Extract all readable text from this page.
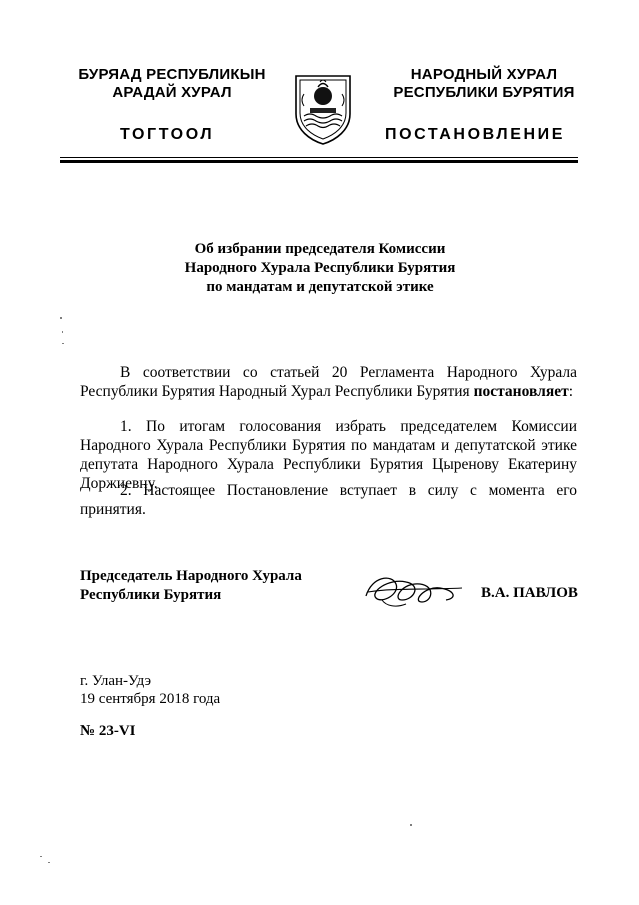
БУРЯАД РЕСПУБЛИКЫН
АРАДАЙ ХУРАЛ
ТОГТООЛ
НАРОДНЫЙ ХУРАЛ
РЕСПУБЛИКИ БУРЯТИЯ
ПОСТАНОВЛЕНИЕ
Об избрании председателя Комиссии
Народного Хурала Республики Бурятия
по мандатам и депутатской этике
В соответствии со статьей 20 Регламента Народного Хурала Республики Бурятия Народный Хурал Республики Бурятия постановляет:
1. По итогам голосования избрать председателем Комиссии Народного Хурала Республики Бурятия по мандатам и депутатской этике депутата Народного Хурала Республики Бурятия Цыренову Екатерину Доржиевну.
2. Настоящее Постановление вступает в силу с момента его принятия.
Председатель Народного Хурала
Республики Бурятия	В.А. ПАВЛОВ
г. Улан-Удэ
19 сентября 2018 года
№ 23-VI
